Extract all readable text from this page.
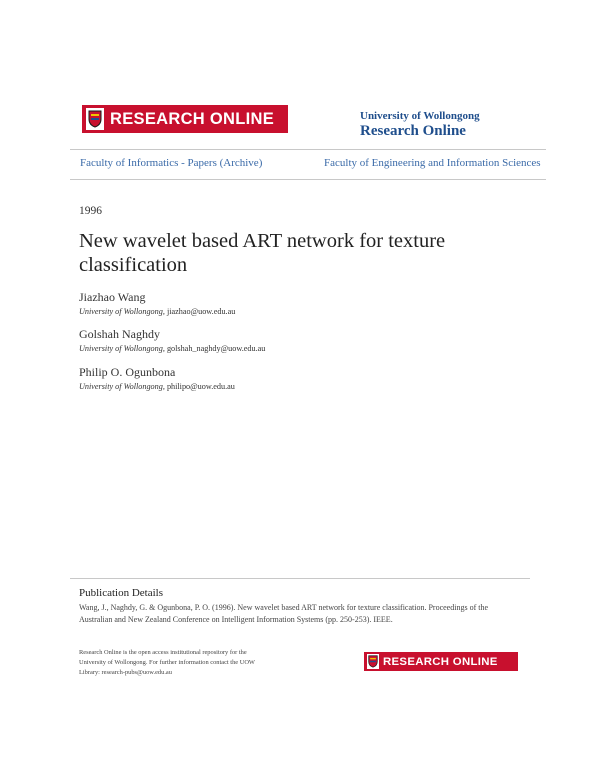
RESEARCH ONLINE	University of Wollongong
Research Online
Faculty of Informatics - Papers (Archive)	Faculty of Engineering and Information Sciences
1996
New wavelet based ART network for texture classification
Jiazhao Wang
University of Wollongong, jiazhao@uow.edu.au
Golshah Naghdy
University of Wollongong, golshah_naghdy@uow.edu.au
Philip O. Ogunbona
University of Wollongong, philipo@uow.edu.au
Publication Details
Wang, J., Naghdy, G. & Ogunbona, P. O. (1996). New wavelet based ART network for texture classification. Proceedings of the Australian and New Zealand Conference on Intelligent Information Systems (pp. 250-253). IEEE.
Research Online is the open access institutional repository for the
University of Wollongong. For further information contact the UOW
Library: research-pubs@uow.edu.au
RESEARCH ONLINE
